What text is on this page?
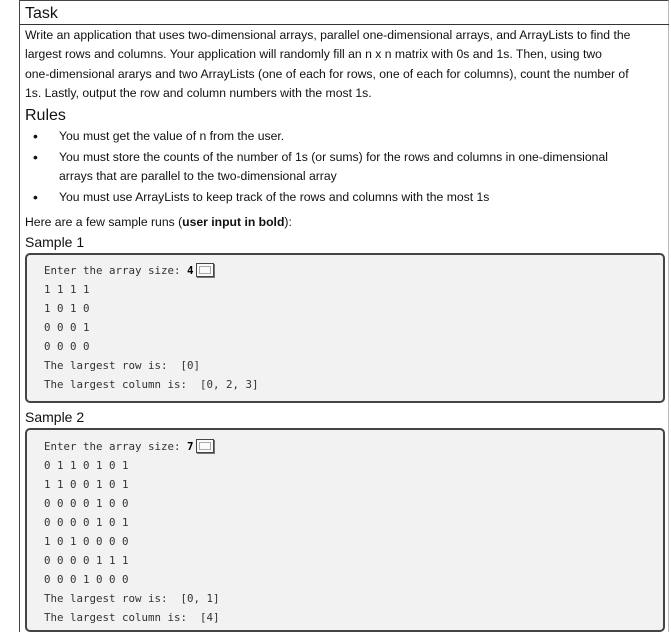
Task
Write an application that uses two-dimensional arrays, parallel one-dimensional arrays, and ArrayLists to find the
largest rows and columns. Your application will randomly fill an n x n matrix with 0s and 1s. Then, using two
one-dimensional ararys and two ArrayLists (one of each for rows, one of each for columns), count the number of
1s. Lastly, output the row and column numbers with the most 1s.
Rules
• You must get the value of n from the user.
• You must store the counts of the number of 1s (or sums) for the rows and columns in one-dimensional
arrays that are parallel to the two-dimensional array
• You must use ArrayLists to keep track of the rows and columns with the most 1s

Here are a few sample runs (user input in bold):

Sample 1

Enter the array size: 4
1 1 1 1
1 0 1 0
0 0 0 1
0 0 0 0
The largest row is:  [0]
The largest column is:  [0, 2, 3]

Sample 2

Enter the array size: 7
0 1 1 0 1 0 1
1 1 0 0 1 0 1
0 0 0 0 1 0 0
0 0 0 0 1 0 1
1 0 1 0 0 0 0
0 0 0 0 1 1 1
0 0 0 1 0 0 0
The largest row is:  [0, 1]
The largest column is:  [4]
